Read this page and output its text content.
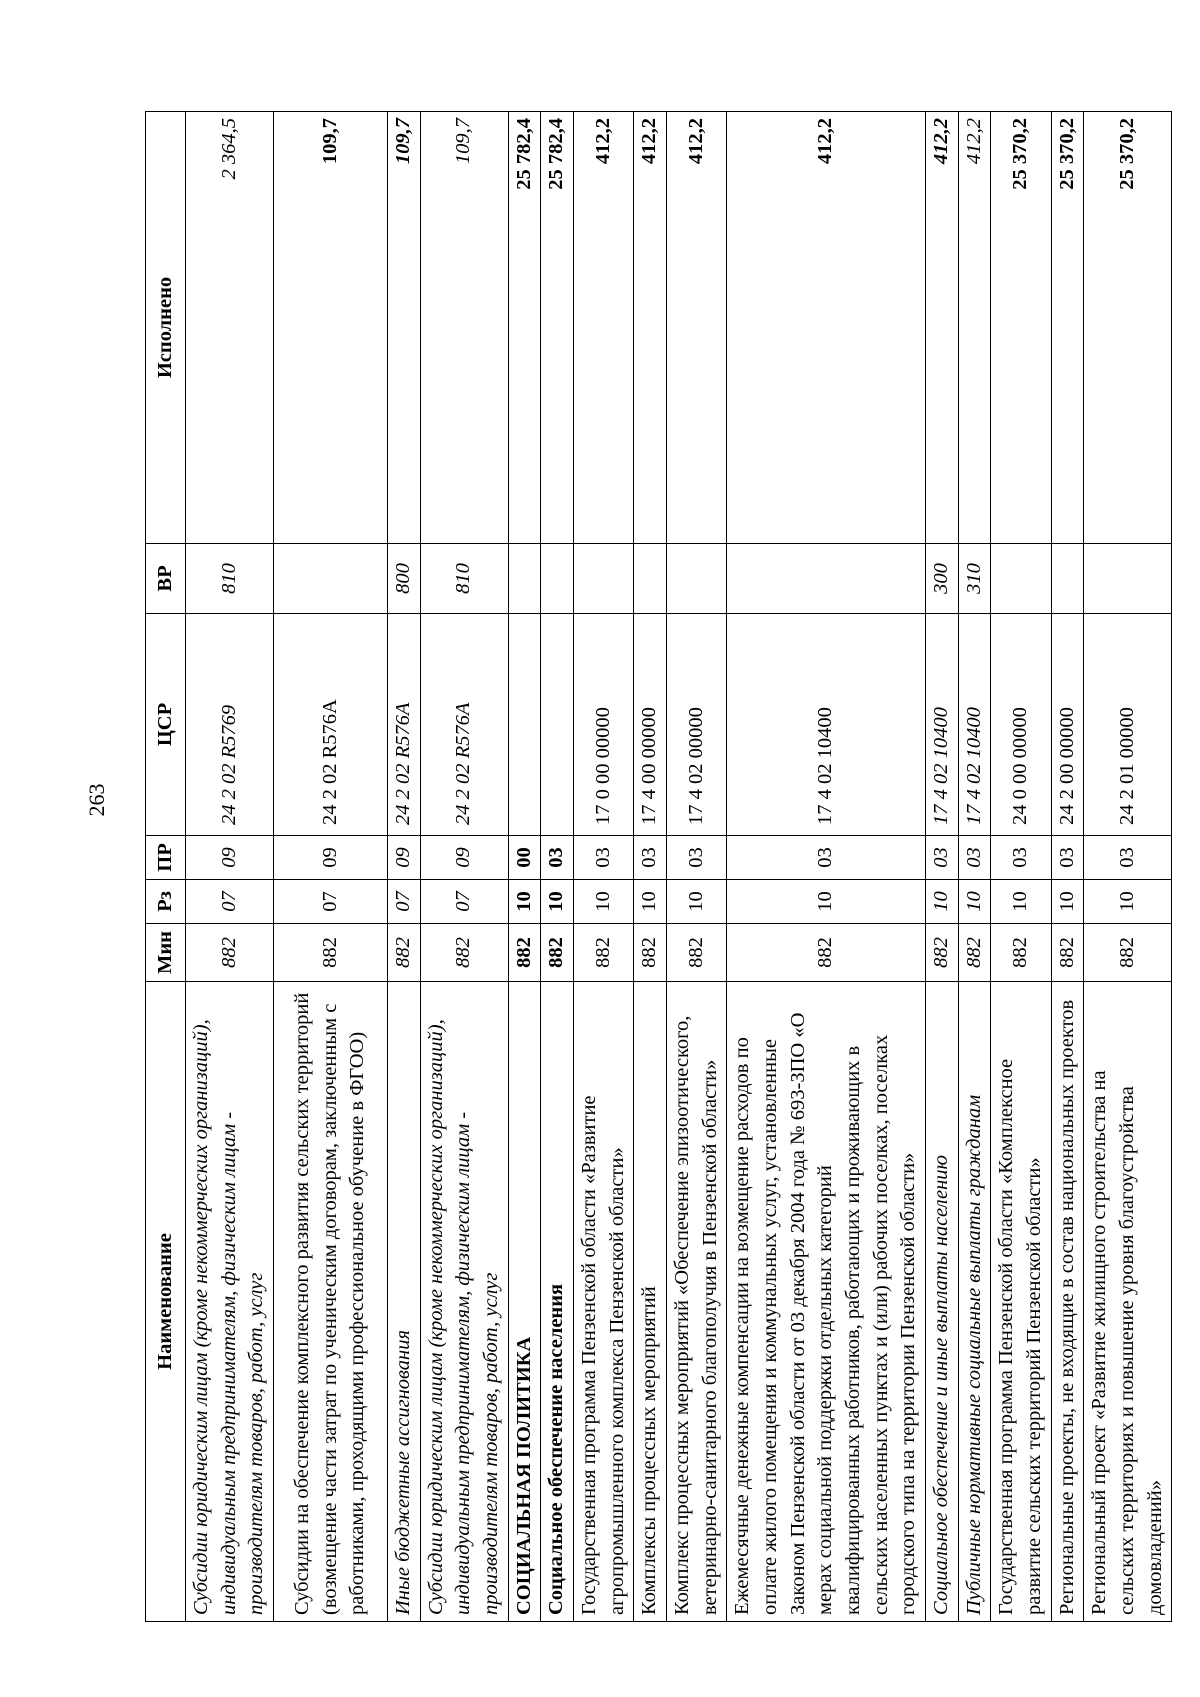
263
Наименование	Мин	Рз	ПР	ЦСР	ВР	Исполнено
Субсидии юридическим лицам (кроме некоммерческих организаций), индивидуальным предпринимателям, физическим лицам - производителям товаров, работ, услуг	882	07	09	24 2 02 R5769	810	2 364,5
Субсидии на обеспечение комплексного развития сельских территорий (возмещение части затрат по ученическим договорам, заключенным с работниками, проходящими профессиональное обучение в ФГОО)	882	07	09	24 2 02 R576А		109,7
Иные бюджетные ассигнования	882	07	09	24 2 02 R576А	800	109,7
Субсидии юридическим лицам (кроме некоммерческих организаций), индивидуальным предпринимателям, физическим лицам - производителям товаров, работ, услуг	882	07	09	24 2 02 R576А	810	109,7
СОЦИАЛЬНАЯ ПОЛИТИКА	882	10	00			25 782,4
Социальное обеспечение населения	882	10	03			25 782,4
Государственная программа Пензенской области «Развитие агропромышленного комплекса Пензенской области»	882	10	03	17 0 00 00000		412,2
Комплексы процессных мероприятий	882	10	03	17 4 00 00000		412,2
Комплекс процессных мероприятий «Обеспечение эпизоотического, ветеринарно-санитарного благополучия в Пензенской области»	882	10	03	17 4 02 00000		412,2
Ежемесячные денежные компенсации на возмещение расходов по оплате жилого помещения и коммунальных услуг, установленные Законом Пензенской области от 03 декабря 2004 года № 693-ЗПО «О мерах социальной поддержки отдельных категорий квалифицированных работников, работающих и проживающих в сельских населенных пунктах и (или) рабочих поселках, поселках городского типа на территории Пензенской области»	882	10	03	17 4 02 10400		412,2
Социальное обеспечение и иные выплаты населению	882	10	03	17 4 02 10400	300	412,2
Публичные нормативные социальные выплаты гражданам	882	10	03	17 4 02 10400	310	412,2
Государственная программа Пензенской области «Комплексное развитие сельских территорий Пензенской области»	882	10	03	24 0 00 00000		25 370,2
Региональные проекты, не входящие в состав национальных проектов	882	10	03	24 2 00 00000		25 370,2
Региональный проект «Развитие жилищного строительства на сельских территориях и повышение уровня благоустройства домовладений»	882	10	03	24 2 01 00000		25 370,2
